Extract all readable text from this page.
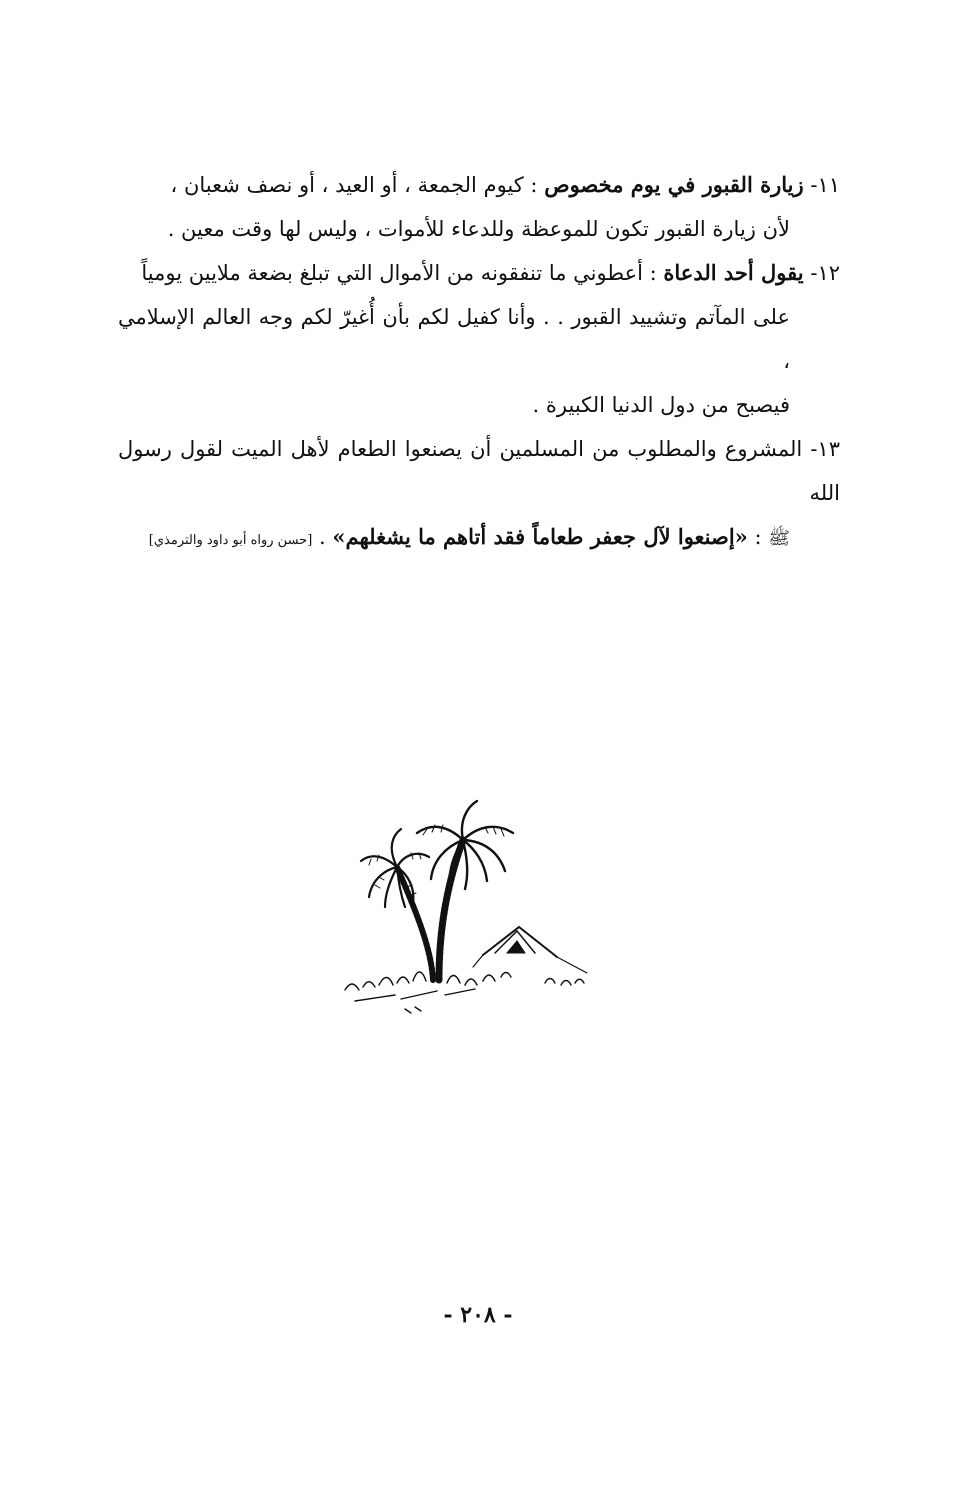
١١- زيارة القبور في يوم مخصوص : كيوم الجمعة ، أو العيد ، أو نصف شعبان ،
لأن زيارة القبور تكون للموعظة وللدعاء للأموات ، وليس لها وقت معين .

١٢- يقول أحد الدعاة : أعطوني ما تنفقونه من الأموال التي تبلغ بضعة ملايين يومياً
على المآتم وتشييد القبور . . وأنا كفيل لكم بأن أُغيرّ لكم وجه العالم الإسلامي ،
فيصبح من دول الدنيا الكبيرة .

١٣- المشروع والمطلوب من المسلمين أن يصنعوا الطعام لأهل الميت لقول رسول الله
ﷺ : «إصنعوا لآل جعفر طعاماً فقد أتاهم ما يشغلهم» . [حسن رواه أبو داود والترمذي]

- ٢٠٨ -
